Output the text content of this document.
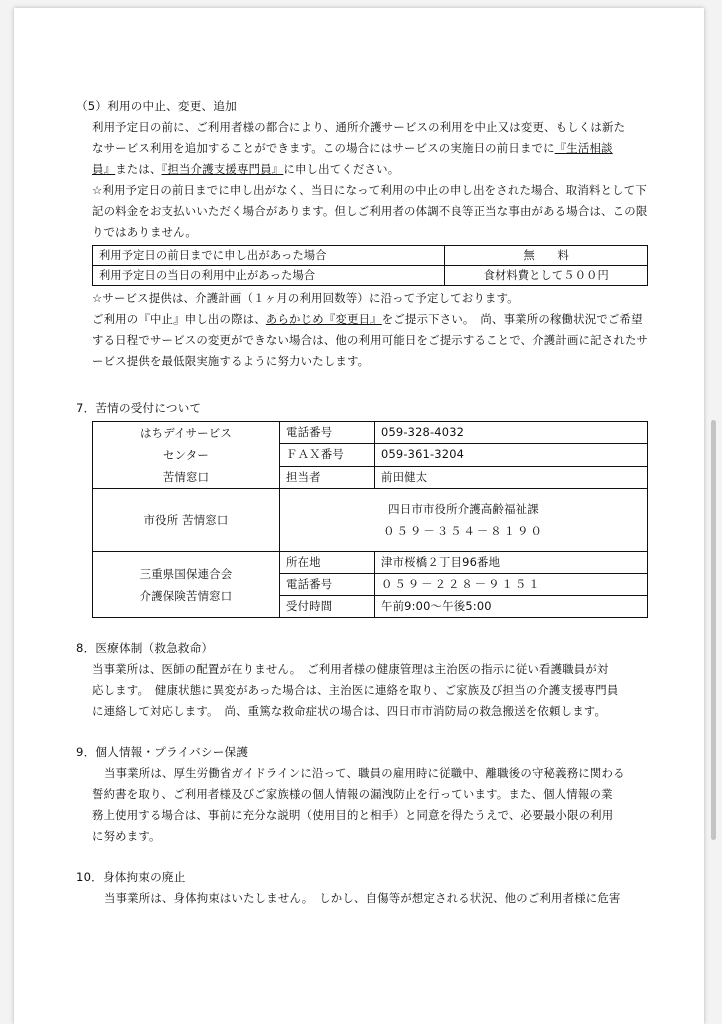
（5）利用の中止、変更、追加

利用予定日の前に、ご利用者様の都合により、通所介護サービスの利用を中止又は変更、もしくは新た

なサービス利用を追加することができます。この場合にはサービスの実施日の前日までに『生活相談

員』または、『担当介護支援専門員』に申し出てください。

☆利用予定日の前日までに申し出がなく、当日になって利用の中止の申し出をされた場合、取消料として下

記の料金をお支払いいただく場合があります。但しご利用者の体調不良等正当な事由がある場合は、この限

りではありません。

利用予定日の前日までに申し出があった場合	無　　料
利用予定日の当日の利用中止があった場合	食材料費として５００円

☆サービス提供は、介護計画（１ヶ月の利用回数等）に沿って予定しております。

ご利用の『中止』申し出の際は、あらかじめ『変更日』をご提示下さい。　尚、事業所の稼働状況でご希望

する日程でサービスの変更ができない場合は、他の利用可能日をご提示することで、介護計画に記されたサ

ービス提供を最低限実施するように努力いたします。

7．苦情の受付について

はちデイサービス
センター
苦情窓口	電話番号	059-328-4032
	ＦＡＸ番号	059-361-3204
	担当者	前田健太
市役所 苦情窓口	四日市市役所介護高齢福祉課
０５９－３５４－８１９０	

三重県国保連合会
介護保険苦情窓口	所在地	津市桜橋２丁目96番地
	電話番号	０５９－２２８－９１５１
	受付時間	午前9:00～午後5:00

8．医療体制（救急救命）

当事業所は、医師の配置が在りません。　ご利用者様の健康管理は主治医の指示に従い看護職員が対

応します。　健康状態に異変があった場合は、主治医に連絡を取り、ご家族及び担当の介護支援専門員

に連絡して対応します。　尚、重篤な救命症状の場合は、四日市市消防局の救急搬送を依頼します。

9．個人情報・プライバシー保護

当事業所は、厚生労働省ガイドラインに沿って、職員の雇用時に従職中、離職後の守秘義務に関わる

誓約書を取り、ご利用者様及びご家族様の個人情報の漏洩防止を行っています。また、個人情報の業

務上使用する場合は、事前に充分な説明（使用目的と相手）と同意を得たうえで、必要最小限の利用

に努めます。

10．身体拘束の廃止

当事業所は、身体拘束はいたしません。　しかし、自傷等が想定される状況、他のご利用者様に危害
